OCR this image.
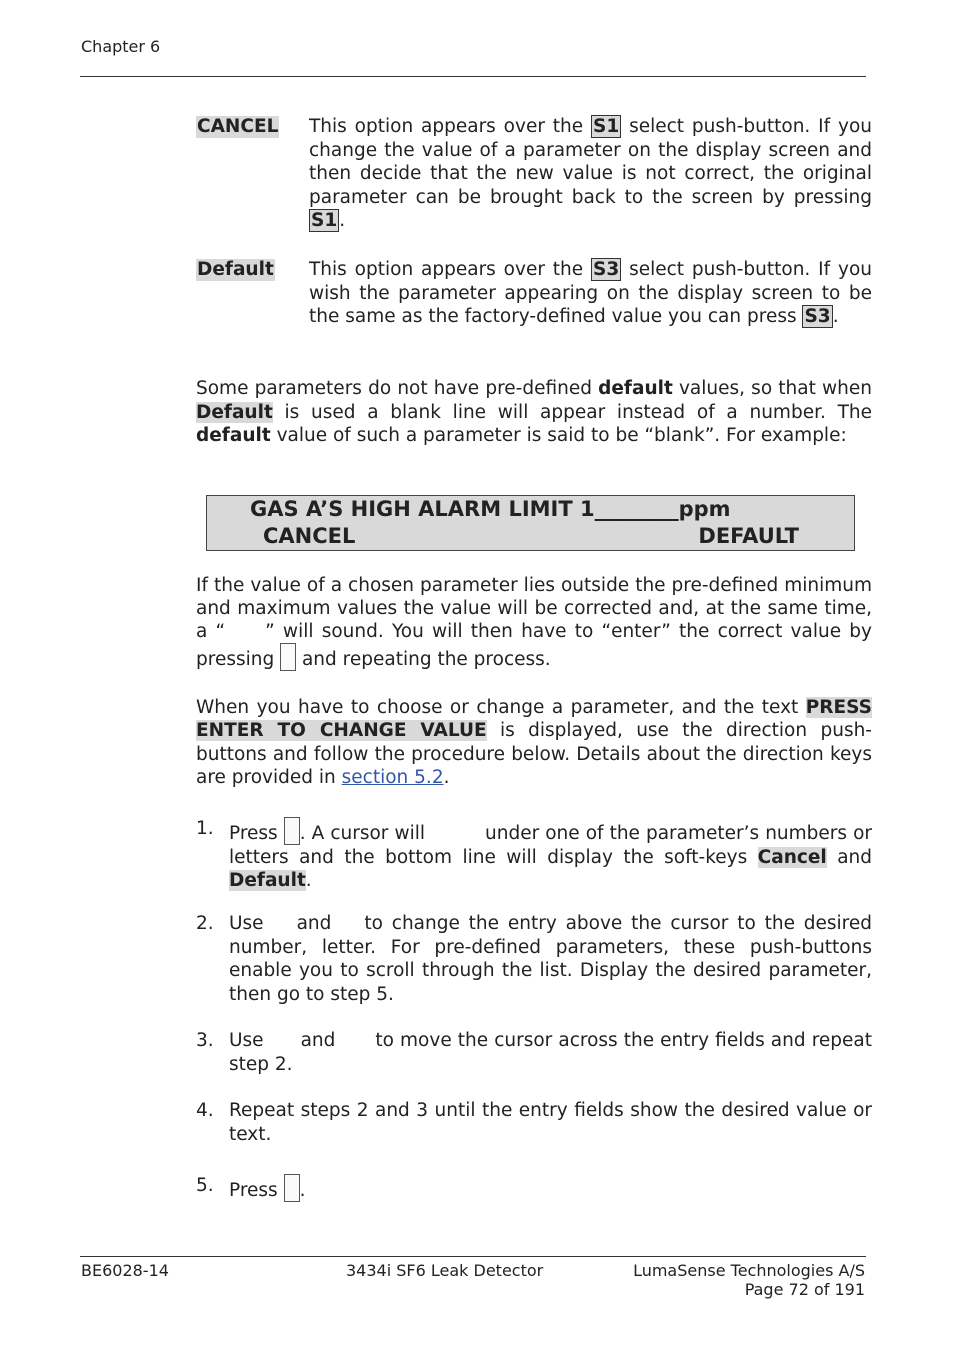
Chapter 6
CANCEL This option appears over the S1 select push-button. If you change the value of a parameter on the display screen and then decide that the new value is not correct, the original parameter can be brought back to the screen by pressing S1 .
Default This option appears over the S3 select push-button. If you wish the parameter appearing on the display screen to be the same as the factory-defined value you can press S3 .
Some parameters do not have pre-defined default values, so that when Default is used a blank line will appear instead of a number. The default value of such a parameter is said to be “blank”. For example:
GAS A’S HIGH ALARM LIMIT 1________ppm
CANCEL	DEFAULT
If the value of a chosen parameter lies outside the pre-defined minimum and maximum values the value will be corrected and, at the same time, a “ ” will sound. You will then have to “enter” the correct value by pressing  and repeating the process.
When you have to choose or change a parameter, and the text PRESS ENTER TO CHANGE VALUE is displayed, use the direction push-buttons and follow the procedure below. Details about the direction keys are provided in section 5.2.
1. Press . A cursor will	under one of the parameter’s numbers or letters and the bottom line will display the soft-keys Cancel and Default.
2. Use and to change the entry above the cursor to the desired number, letter. For pre-defined parameters, these push-buttons enable you to scroll through the list. Display the desired parameter, then go to step 5.
3. Use and to move the cursor across the entry fields and repeat step 2.
4. Repeat steps 2 and 3 until the entry fields show the desired value or text.
5. Press .
BE6028-14	3434i SF6 Leak Detector	LumaSense Technologies A/S
Page 72 of 191
